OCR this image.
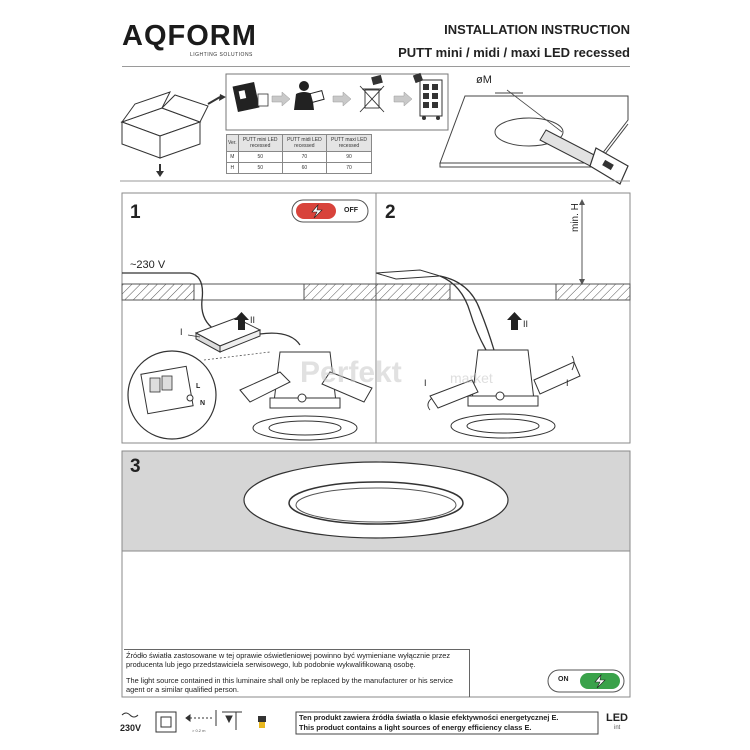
AQFORM
LIGHTING SOLUTIONS
INSTALLATION INSTRUCTION
PUTT mini / midi / maxi LED recessed
Ver.	PUTT mini LED recessed	PUTT midi LED recessed	PUTT maxi LED recessed
M	50	70	90
H	50	60	70
øM
1	OFF
~230 V
II
I
L
N
2	min. H
II
I	I
3
Perfekt	market
Źródło światła zastosowane w tej oprawie oświetleniowej powinno być wymieniane wyłącznie przez producenta lub jego przedstawiciela serwisowego, lub podobnie wykwalifikowaną osobę.
The light source contained in this luminaire shall only be replaced by the manufacturer or his service agent or a similar qualified person.
ON
230V	> 0.2 m
Ten produkt zawiera źródła światła o klasie efektywności energetycznej E.
This product contains a light sources of energy efficiency class E.
LED
int
